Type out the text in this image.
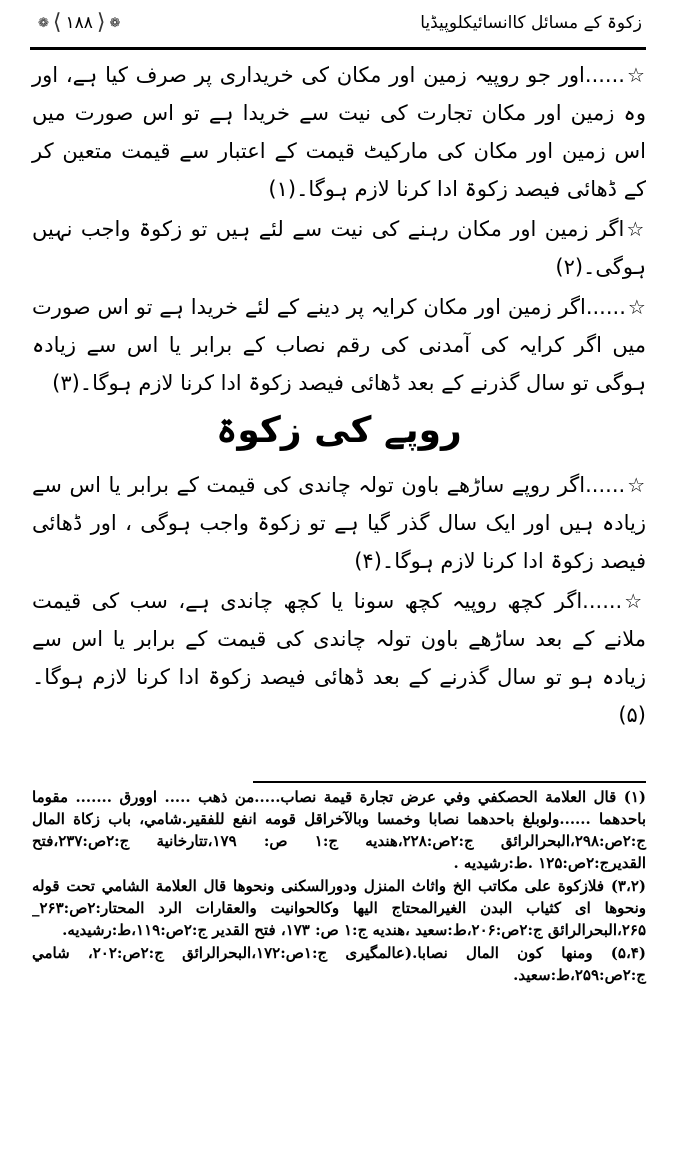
زکوۃ کے مسائل کاانسائیکلوپیڈیا
❁ ⟨ ۱۸۸ ⟩ ❁

☆......اور جو روپیہ زمین اور مکان کی خریداری پر صرف کیا ہے، اور وہ زمین اور مکان تجارت کی نیت سے خریدا ہے تو اس صورت میں اس زمین اور مکان کی مارکیٹ قیمت کے اعتبار سے قیمت متعین کر کے ڈھائی فیصد زکوۃ ادا کرنا لازم ہوگا۔(۱)

☆اگر زمین اور مکان رہنے کی نیت سے لئے ہیں تو زکوۃ واجب نہیں ہوگی۔(۲)

☆......اگر زمین اور مکان کرایہ پر دینے کے لئے خریدا ہے تو اس صورت میں اگر کرایہ کی آمدنی کی رقم نصاب کے برابر یا اس سے زیادہ ہوگی تو سال گذرنے کے بعد ڈھائی فیصد زکوۃ ادا کرنا لازم ہوگا۔(۳)

روپے کی زکوۃ

☆......اگر روپے ساڑھے باون تولہ چاندی کی قیمت کے برابر یا اس سے زیادہ ہیں اور ایک سال گذر گیا ہے تو زکوۃ واجب ہوگی ، اور ڈھائی فیصد زکوۃ ادا کرنا لازم ہوگا۔(۴)

☆......اگر کچھ روپیہ کچھ سونا یا کچھ چاندی ہے، سب کی قیمت ملانے کے بعد ساڑھے باون تولہ چاندی کی قیمت کے برابر یا اس سے زیادہ ہو تو سال گذرنے کے بعد ڈھائی فیصد زکوۃ ادا کرنا لازم ہوگا۔(۵)

(۱) قال العلامة الحصكفي وفي عرض تجارة قيمة نصاب.....من ذهب ..... اوورق ....... مقوما باحدهما ......ولوبلغ باحدهما نصابا وخمسا وبالآخراقل قومه انفع للفقير.شامي، باب زكاة المال ج:۲ص:۲۹۸،البحرالرائق ج:۲ص:۲۲۸،هنديه ج:۱ ص: ۱۷۹،تتارخانية ج:۲ص:۲۳۷،فتح القديرج:۲ص:۱۲۵ .ط:رشيديه .

(۳،۲) فلازكوة على مكاتب الخ واثاث المنزل ودورالسكنى ونحوها قال العلامة الشامي تحت قوله ونحوها اى كثياب البدن الغيرالمحتاج اليها وكالحوانيت والعقارات الرد المحتار:۲ص:۲۶۳_ ۲۶۵،البحرالرائق ج:۲ص:۲۰۶،ط:سعيد ،هنديه ج:۱ ص: ۱۷۳، فتح القدير ج:۲ص:۱۱۹،ط:رشيديه.

(۵،۴) ومنها كون المال نصابا.(عالمگیری ج:۱ص:۱۷۲،البحرالرائق ج:۲ص:۲۰۲، شامي ج:۲ص:۲۵۹،ط:سعيد.
